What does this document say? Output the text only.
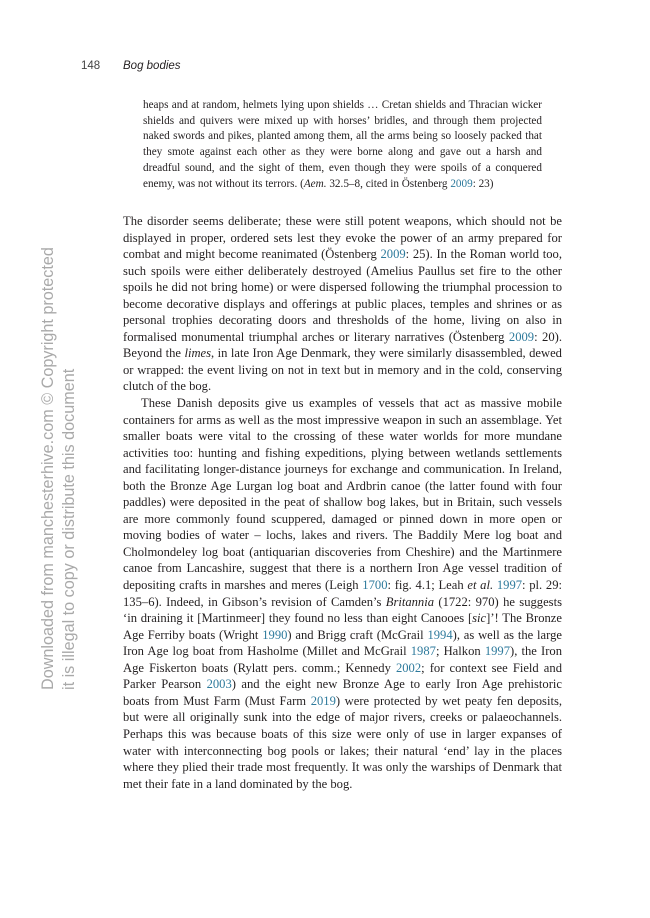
148 Bog bodies
heaps and at random, helmets lying upon shields … Cretan shields and Thracian wicker shields and quivers were mixed up with horses’ bridles, and through them projected naked swords and pikes, planted among them, all the arms being so loosely packed that they smote against each other as they were borne along and gave out a harsh and dreadful sound, and the sight of them, even though they were spoils of a conquered enemy, was not without its terrors. (Aem. 32.5–8, cited in Östenberg 2009: 23)

The disorder seems deliberate; these were still potent weapons, which should not be displayed in proper, ordered sets lest they evoke the power of an army prepared for combat and might become reanimated (Östenberg 2009: 25). In the Roman world too, such spoils were either deliberately destroyed (Amelius Paullus set fire to the other spoils he did not bring home) or were dispersed following the triumphal procession to become decorative displays and offerings at public places, temples and shrines or as personal trophies decorating doors and thresholds of the home, living on also in formalised monumental triumphal arches or literary narratives (Östenberg 2009: 20). Beyond the limes, in late Iron Age Denmark, they were similarly disassembled, dewed or wrapped: the event living on not in text but in memory and in the cold, conserving clutch of the bog.

These Danish deposits give us examples of vessels that act as massive mobile containers for arms as well as the most impressive weapon in such an assemblage. Yet smaller boats were vital to the crossing of these water worlds for more mundane activities too: hunting and fishing expeditions, plying between wetlands settlements and facilitating longer-distance journeys for exchange and communication. In Ireland, both the Bronze Age Lurgan log boat and Ardbrin canoe (the latter found with four paddles) were deposited in the peat of shallow bog lakes, but in Britain, such vessels are more commonly found scuppered, damaged or pinned down in more open or moving bodies of water – lochs, lakes and rivers. The Baddily Mere log boat and Cholmondeley log boat (antiquarian discoveries from Cheshire) and the Martinmere canoe from Lancashire, suggest that there is a northern Iron Age vessel tradition of depositing crafts in marshes and meres (Leigh 1700: fig. 4.1; Leah et al. 1997: pl. 29: 135–6). Indeed, in Gibson’s revision of Camden’s Britannia (1722: 970) he suggests ‘in draining it [Martinmeer] they found no less than eight Canooes [sic]’! The Bronze Age Ferriby boats (Wright 1990) and Brigg craft (McGrail 1994), as well as the large Iron Age log boat from Hasholme (Millet and McGrail 1987; Halkon 1997), the Iron Age Fiskerton boats (Rylatt pers. comm.; Kennedy 2002; for context see Field and Parker Pearson 2003) and the eight new Bronze Age to early Iron Age prehistoric boats from Must Farm (Must Farm 2019) were protected by wet peaty fen deposits, but were all originally sunk into the edge of major rivers, creeks or palaeochannels. Perhaps this was because boats of this size were only of use in larger expanses of water with interconnecting bog pools or lakes; their natural ‘end’ lay in the places where they plied their trade most frequently. It was only the warships of Denmark that met their fate in a land dominated by the bog.

Downloaded from manchesterhive.com © Copyright protected it is illegal to copy or distribute this document
